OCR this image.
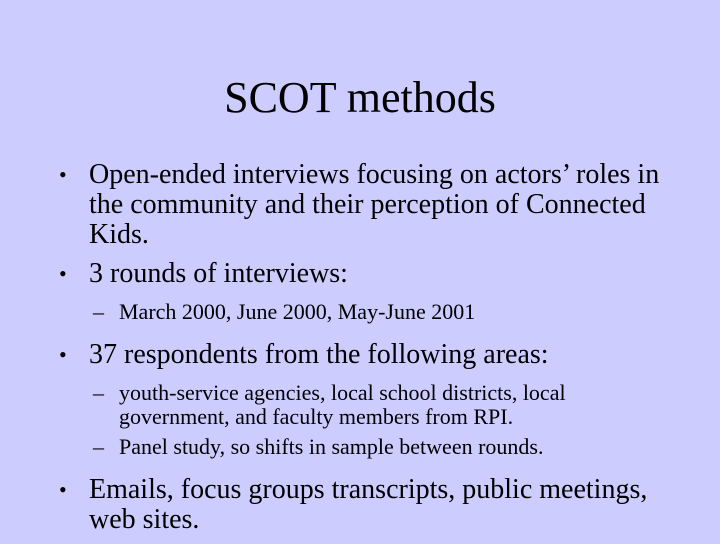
SCOT methods
• Open-ended interviews focusing on actors’ roles in the community and their perception of Connected Kids.
• 3 rounds of interviews:
– March 2000, June 2000, May-June 2001
• 37 respondents from the following areas:
– youth-service agencies, local school districts, local government, and faculty members from RPI.
– Panel study, so shifts in sample between rounds.
• Emails, focus groups transcripts, public meetings, web sites.
